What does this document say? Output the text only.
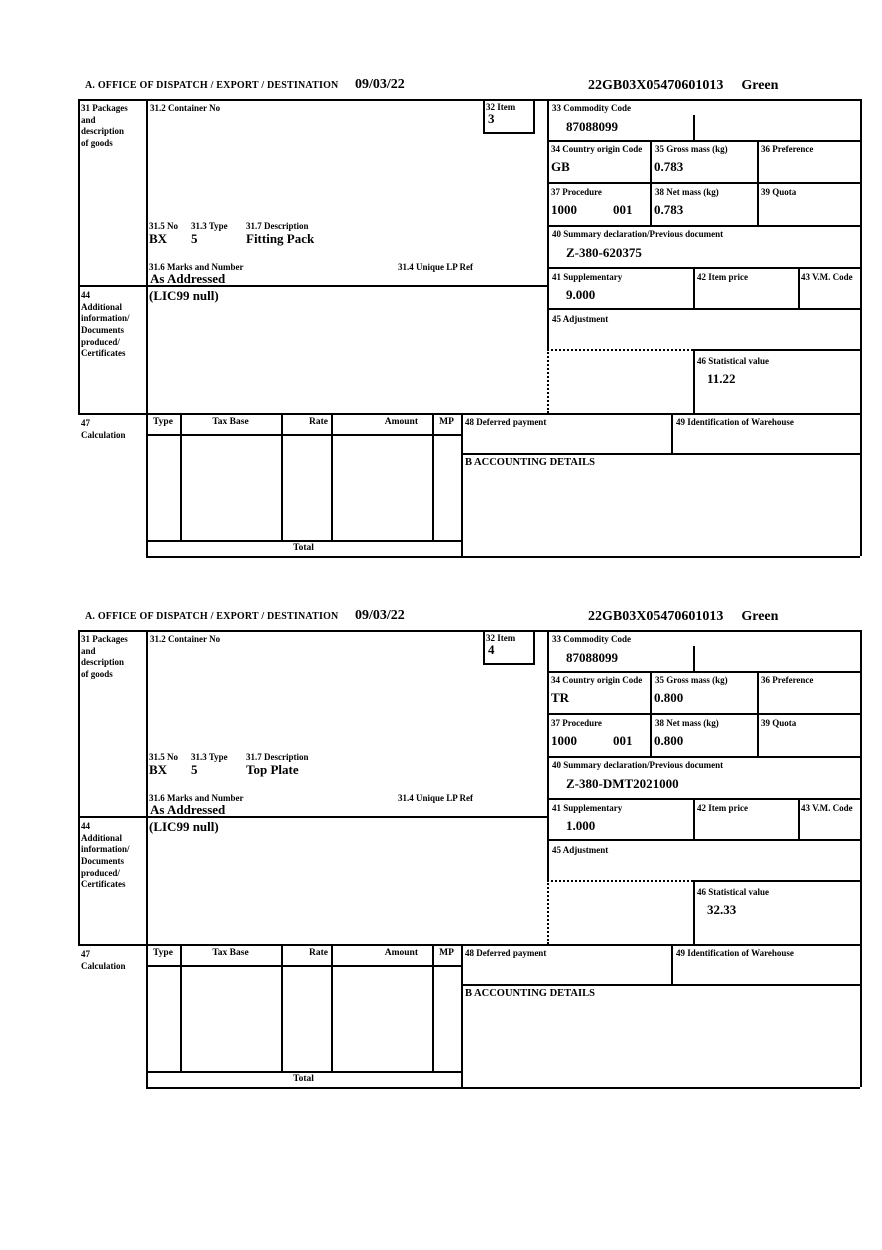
A. OFFICE OF DISPATCH / EXPORT / DESTINATION 09/03/22	22GB03X05470601013 Green
31 Packages
and
description
of goods
31.2 Container No	32 Item
3
33 Commodity Code
87088099
34 Country origin Code
GB
35 Gross mass (kg)
0.783
36 Preference
37 Procedure
1000	001
38 Net mass (kg)
0.783
39 Quota
40 Summary declaration/Previous document
Z-380-620375
41 Supplementary
9.000
42 Item price	43 V.M. Code
45 Adjustment
46 Statistical value
11.22
31.5 No 31.3 Type 31.7 Description
BX 5	Fitting Pack
31.6 Marks and Number	31.4 Unique LP Ref
As Addressed
44
Additional
information/
Documents
produced/
Certificates
(LIC99 null)
47
Calculation
Type	Tax Base	Rate	Amount	MP	48 Deferred payment	49 Identification of Warehouse
B ACCOUNTING DETAILS
Total
A. OFFICE OF DISPATCH / EXPORT / DESTINATION 09/03/22	22GB03X05470601013 Green
31 Packages
and
description
of goods
31.2 Container No	32 Item
4
33 Commodity Code
87088099
34 Country origin Code
TR
35 Gross mass (kg)
0.800
36 Preference
37 Procedure
1000	001
38 Net mass (kg)
0.800
39 Quota
40 Summary declaration/Previous document
Z-380-DMT2021000
41 Supplementary
1.000
42 Item price	43 V.M. Code
45 Adjustment
46 Statistical value
32.33
31.5 No 31.3 Type 31.7 Description
BX 5	Top Plate
31.6 Marks and Number	31.4 Unique LP Ref
As Addressed
44
Additional
information/
Documents
produced/
Certificates
(LIC99 null)
47
Calculation
Type	Tax Base	Rate	Amount	MP	48 Deferred payment	49 Identification of Warehouse
B ACCOUNTING DETAILS
Total
